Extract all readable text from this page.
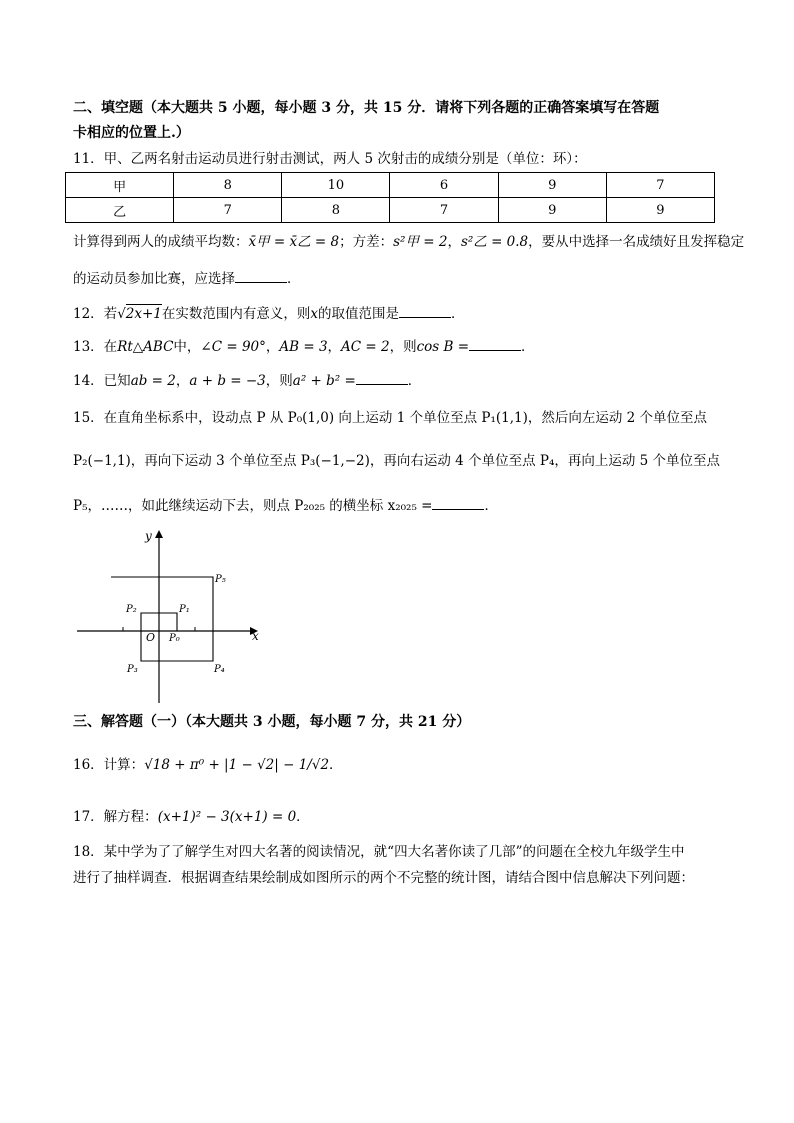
二、填空题（本大题共 5 小题，每小题 3 分，共 15 分．请将下列各题的正确答案填写在答题
卡相应的位置上.）
11．甲、乙两名射击运动员进行射击测试，两人 5 次射击的成绩分别是（单位：环）：
甲	8	10	6	9	7
乙	7	8	7	9	9
计算得到两人的成绩平均数：x̄甲 = x̄乙 = 8；方差：s²甲 = 2，s²乙 = 0.8，要从中选择一名成绩好且发挥稳定
的运动员参加比赛，应选择	．
12．若√2x+1在实数范围内有意义，则x的取值范围是	．
13．在Rt△ABC中，∠C = 90°，AB = 3，AC = 2，则cos B =	．
14．已知ab = 2，a + b = −3，则a² + b² =	．
15．在直角坐标系中，设动点 P 从 P₀(1,0) 向上运动 1 个单位至点 P₁(1,1)，然后向左运动 2 个单位至点
P₂(−1,1)，再向下运动 3 个单位至点 P₃(−1,−2)，再向右运动 4 个单位至点 P₄，再向上运动 5 个单位至点
P₅，……，如此继续运动下去，则点 P₂₀₂₅ 的横坐标 x₂₀₂₅ =	．
y
x
O P₀
P₁
P₂
P₃	P₄
P₅
三、解答题（一）（本大题共 3 小题，每小题 7 分，共 21 分）
16．计算：√18 + π⁰ + |1 − √2| − 1/√2．
17．解方程：(x+1)² − 3(x+1) = 0．
18．某中学为了了解学生对四大名著的阅读情况，就“四大名著你读了几部”的问题在全校九年级学生中
进行了抽样调查．根据调查结果绘制成如图所示的两个不完整的统计图，请结合图中信息解决下列问题：
